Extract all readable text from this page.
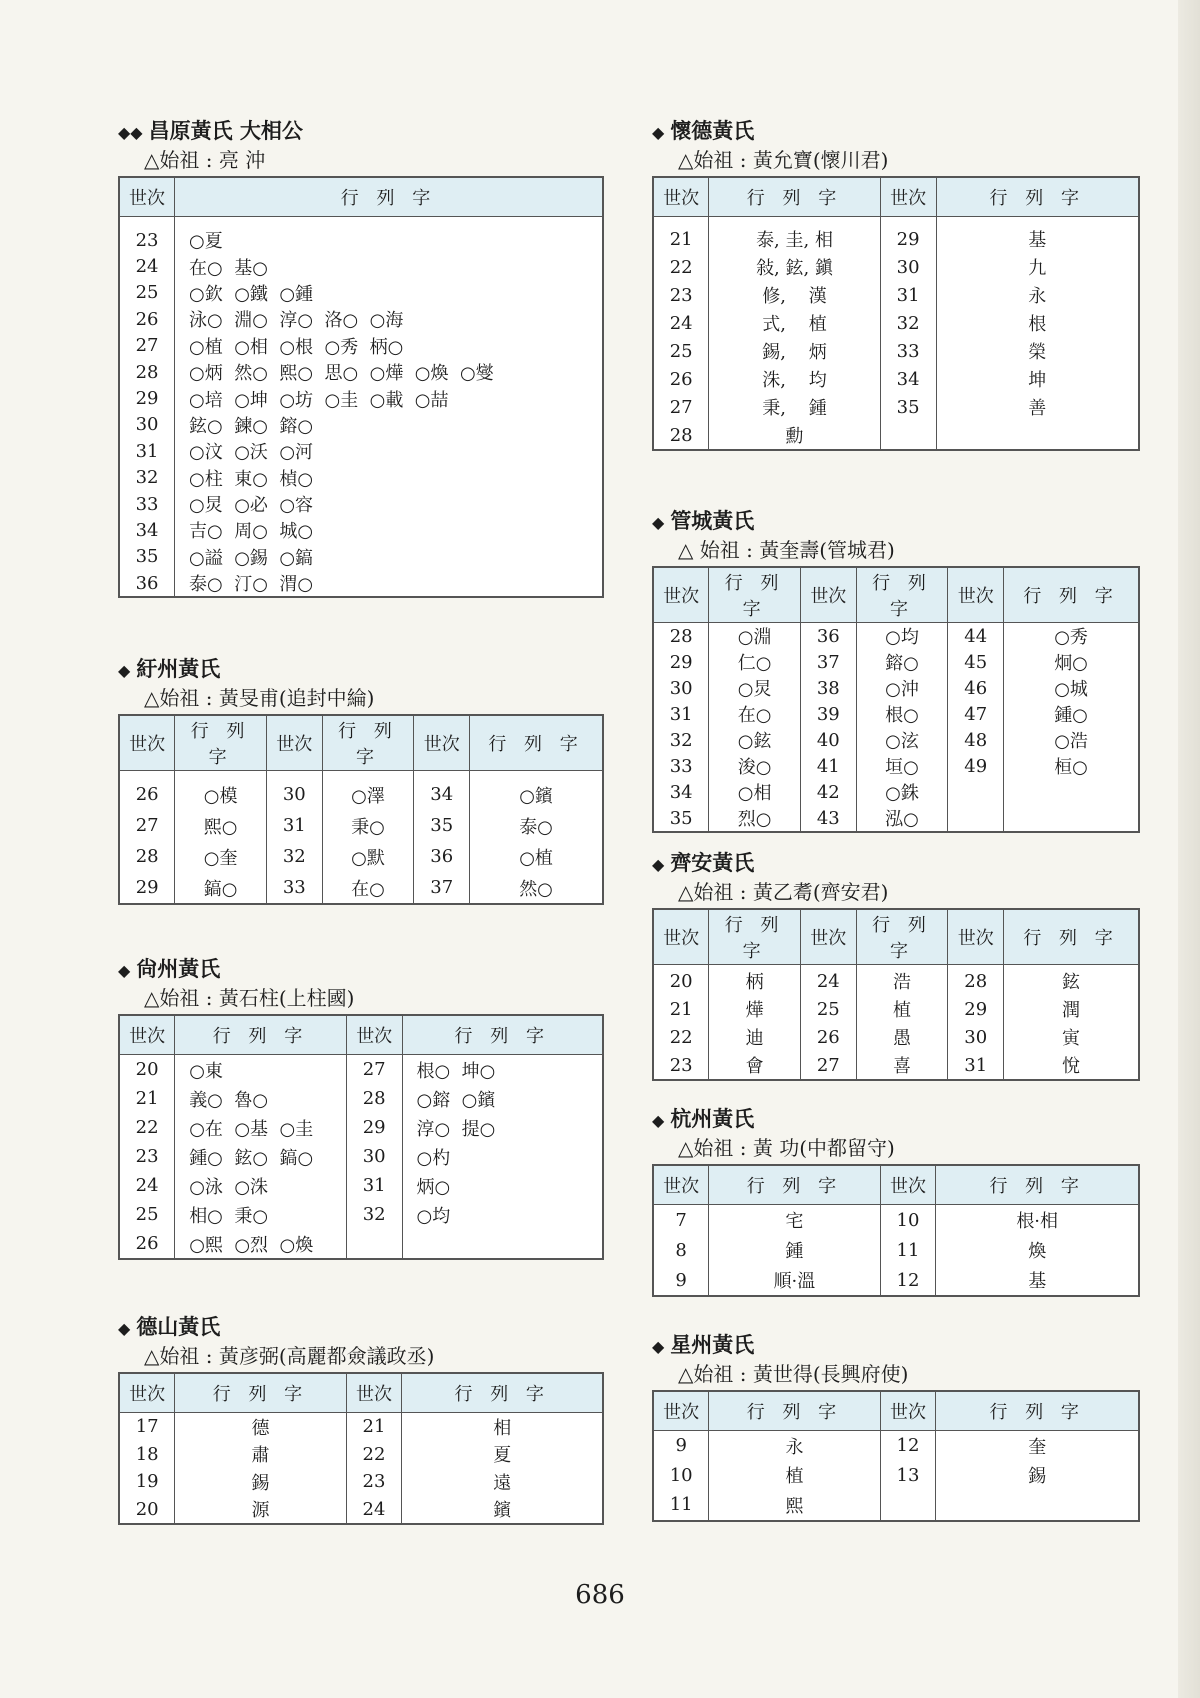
◆◆ 昌原黃氏 大相公
△始祖 : 亮 沖
世次	行 列 字
23	○夏
24	在○  基○
25	○欽  ○鐵  ○鍾
26	泳○  淵○  淳○  洛○  ○海
27	○植  ○相  ○根  ○秀  柄○
28	○炳  然○  熙○  思○  ○燁  ○煥  ○燮
29	○培  ○坤  ○坊  ○圭  ○載  ○喆
30	鉉○  鍊○  鎔○
31	○汶  ○沃  ○河
32	○柱  東○  楨○
33	○炅  ○必  ○容
34	吉○  周○  城○
35	○謚  ○錫  ○鎬
36	泰○  汀○  渭○
◆ 紆州黃氏
△始祖 : 黃旻甫(追封中綸)
世次	行 列 字	世次	行 列 字	世次	行 列 字
26	○模	30	○澤	34	○鑌
27	熙○	31	秉○	35	泰○
28	○奎	32	○默	36	○植
29	鎬○	33	在○	37	然○
◆ 尙州黃氏
△始祖 : 黃石柱(上柱國)
世次	行 列 字	世次	行 列 字
20	○東	27	根○  坤○
21	義○  魯○	28	○鎔  ○鑌
22	○在  ○基  ○圭	29	淳○  提○
23	鍾○  鉉○  鎬○	30	○杓
24	○泳  ○洙	31	炳○
25	相○  秉○	32	○均
26	○熙  ○烈  ○煥		
◆ 德山黃氏
△始祖 : 黃彦弼(高麗都僉議政丞)
世次	行 列 字	世次	行 列 字
17	德	21	相
18	肅	22	夏
19	錫	23	遠
20	源	24	鑌
◆ 懷德黃氏
△始祖 : 黃允寶(懷川君)
世次	行 列 字	世次	行 列 字
21	泰, 圭, 相	29	基
22	敍, 鉉, 鎭	30	九
23	修,    漢	31	永
24	式,    植	32	根
25	錫,    炳	33	榮
26	洙,    均	34	坤
27	秉,    鍾	35	善
28	勳		
◆ 管城黃氏
△ 始祖 : 黃奎壽(管城君)
世次	行 列 字	世次	行 列 字	世次	行 列 字
28	○淵	36	○均	44	○秀
29	仁○	37	鎔○	45	炯○
30	○炅	38	○沖	46	○城
31	在○	39	根○	47	鍾○
32	○鉉	40	○泫	48	○浩
33	浚○	41	垣○	49	桓○
34	○相	42	○銖		
35	烈○	43	泓○		
◆ 齊安黃氏
△始祖 : 黃乙耈(齊安君)
世次	行 列 字	世次	行 列 字	世次	行 列 字
20	柄	24	浩	28	鉉
21	燁	25	植	29	潤
22	迪	26	愚	30	寅
23	會	27	喜	31	悅
◆ 杭州黃氏
△始祖 : 黃 功(中都留守)
世次	行 列 字	世次	行 列 字
7	宅	10	根·相
8	鍾	11	煥
9	順·溫	12	基
◆ 星州黃氏
△始祖 : 黃世得(長興府使)
世次	行 列 字	世次	行 列 字
9	永	12	奎
10	植	13	錫
11	熙		
686
